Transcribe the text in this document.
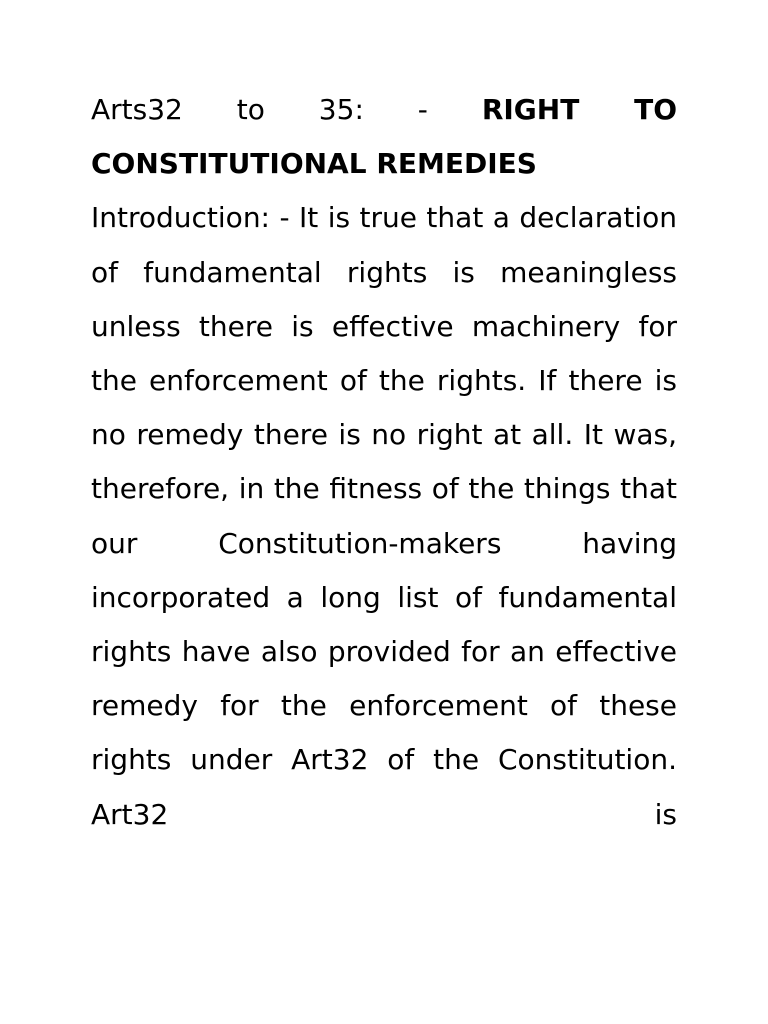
Arts32 to 35: - RIGHT TO CONSTITUTIONAL REMEDIES

Introduction: - It is true that a declaration of fundamental rights is meaningless unless there is effective machinery for the enforcement of the rights. If there is no remedy there is no right at all. It was, therefore, in the fitness of the things that our Constitution-makers having incorporated a long list of fundamental rights have also provided for an effective remedy for the enforcement of these rights under Art32 of the Constitution. Art32 is
